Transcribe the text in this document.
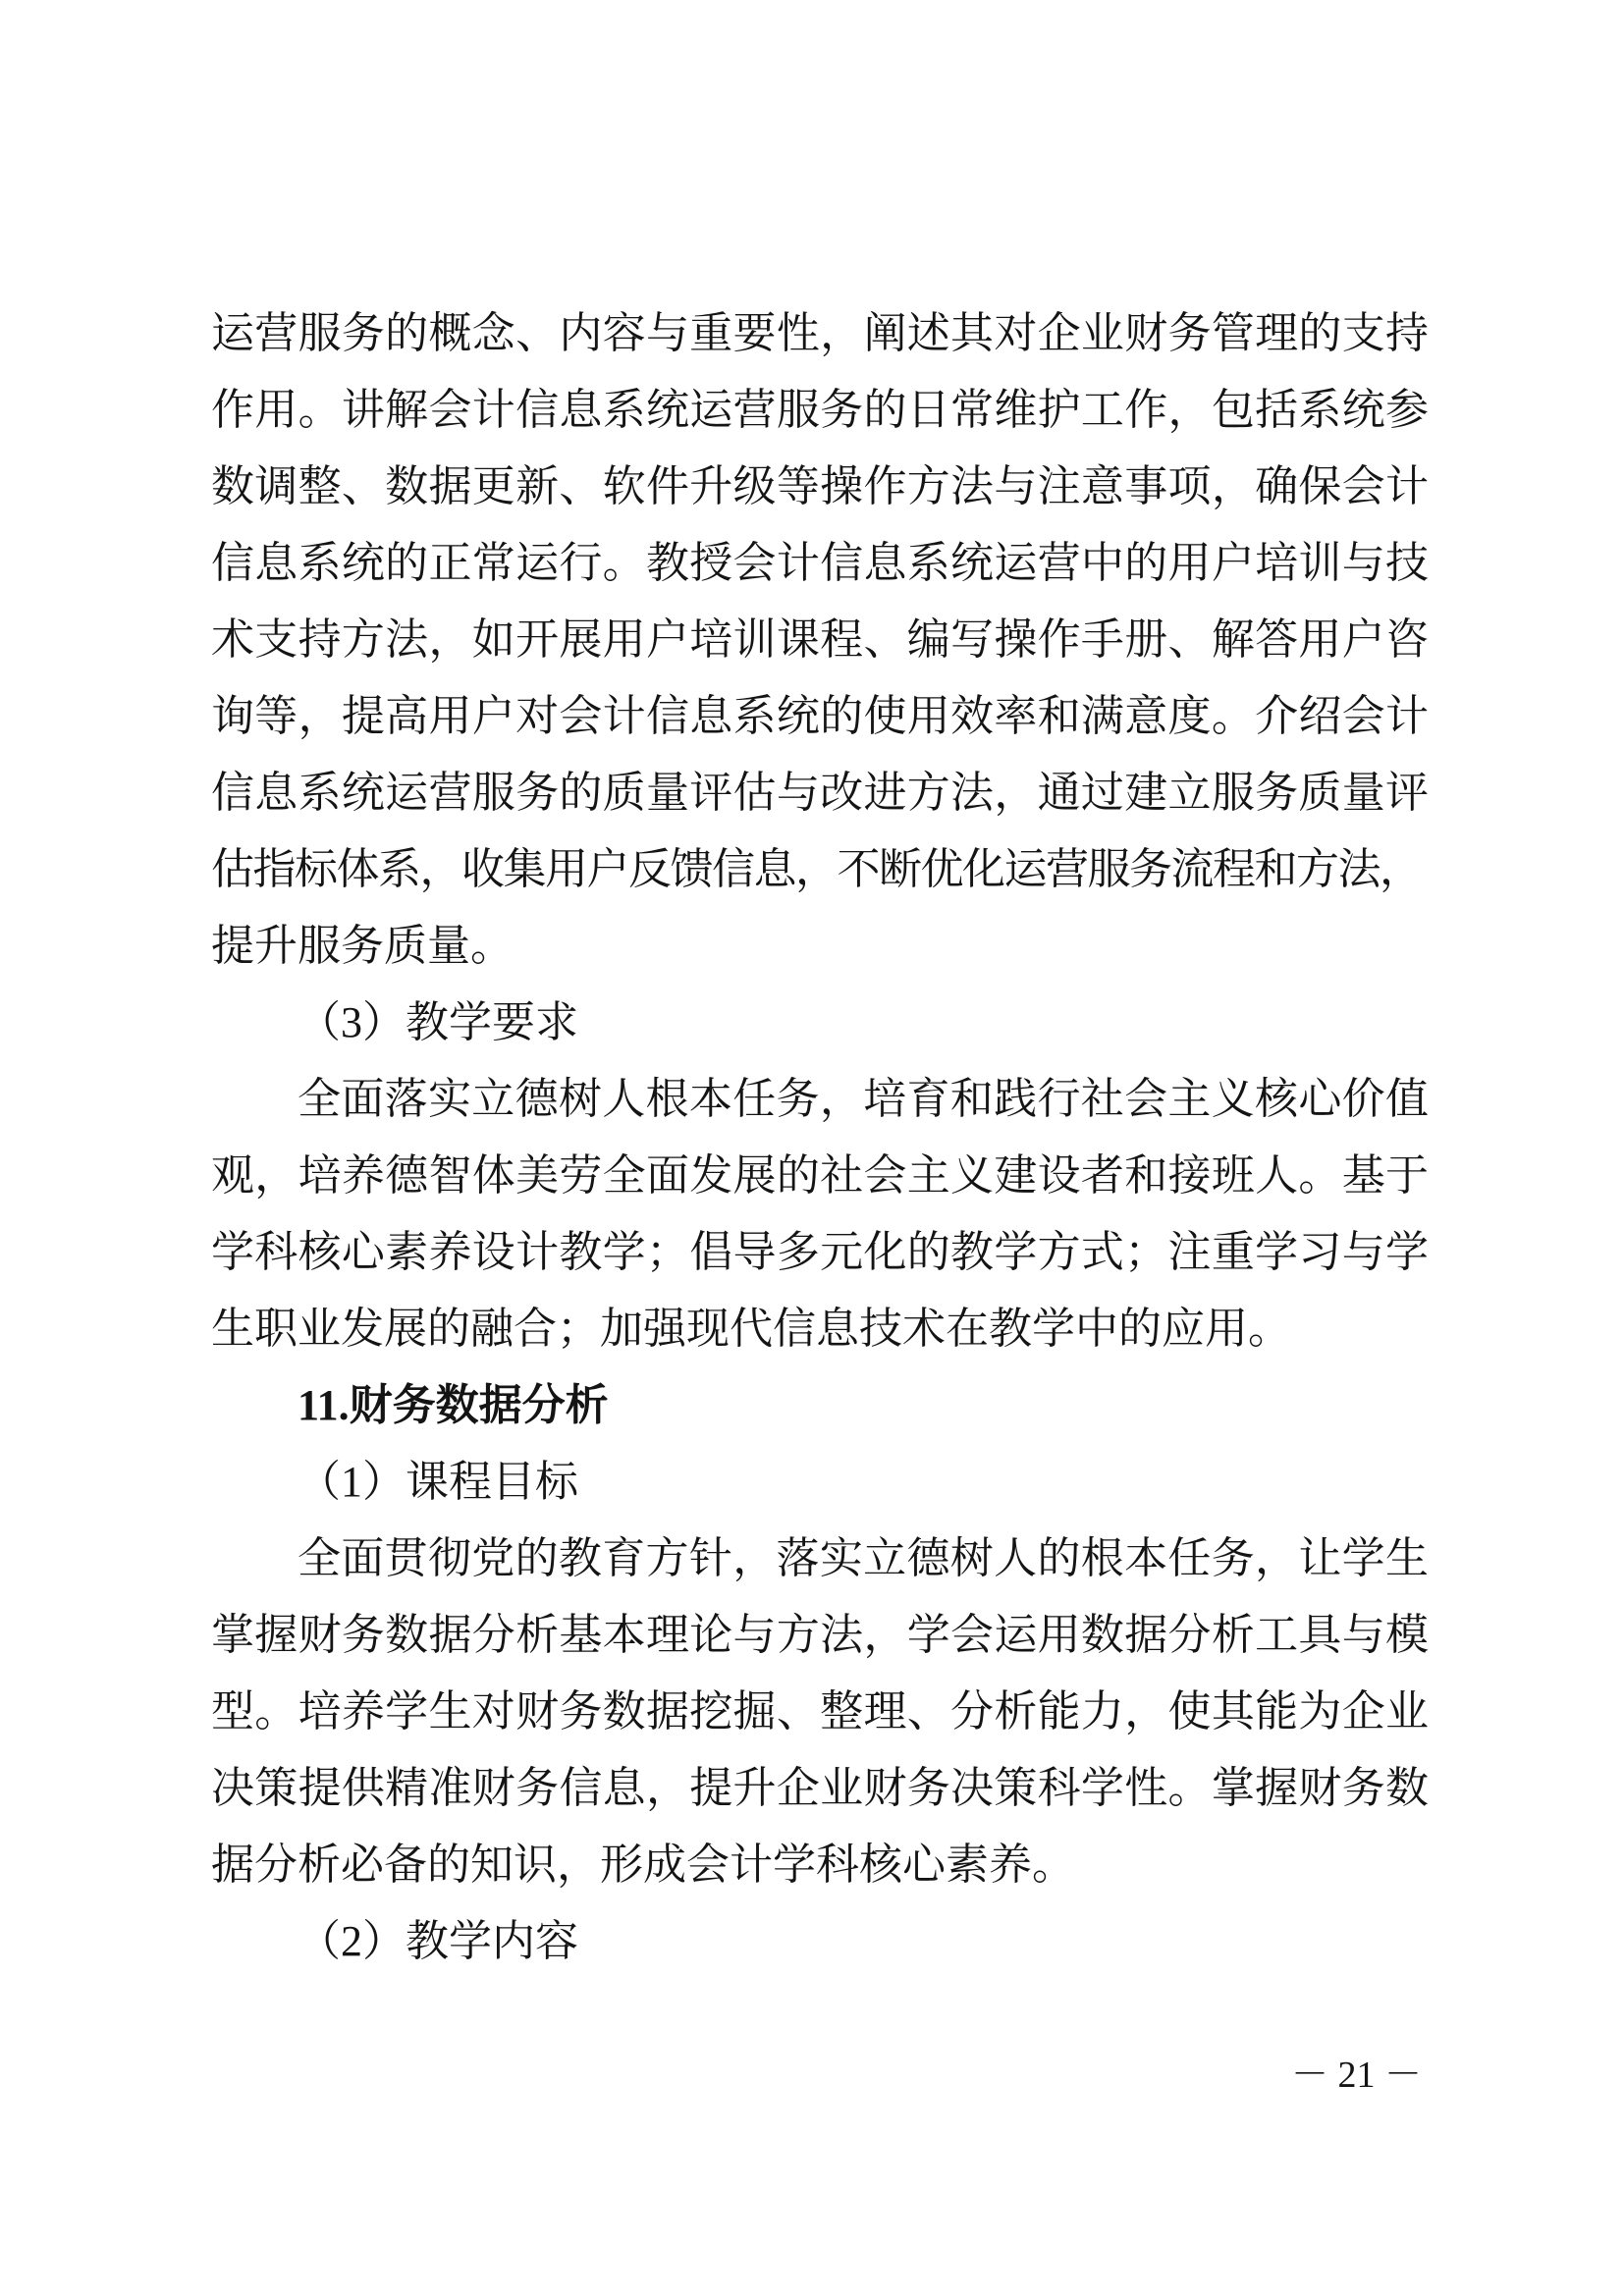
运营服务的概念、内容与重要性，阐述其对企业财务管理的支持
作用。讲解会计信息系统运营服务的日常维护工作，包括系统参
数调整、数据更新、软件升级等操作方法与注意事项，确保会计
信息系统的正常运行。教授会计信息系统运营中的用户培训与技
术支持方法，如开展用户培训课程、编写操作手册、解答用户咨
询等，提高用户对会计信息系统的使用效率和满意度。介绍会计
信息系统运营服务的质量评估与改进方法，通过建立服务质量评
估指标体系，收集用户反馈信息，不断优化运营服务流程和方法，
提升服务质量。
（3）教学要求
全面落实立德树人根本任务，培育和践行社会主义核心价值
观，培养德智体美劳全面发展的社会主义建设者和接班人。基于
学科核心素养设计教学；倡导多元化的教学方式；注重学习与学
生职业发展的融合；加强现代信息技术在教学中的应用。
11.财务数据分析
（1）课程目标
全面贯彻党的教育方针，落实立德树人的根本任务，让学生
掌握财务数据分析基本理论与方法，学会运用数据分析工具与模
型。培养学生对财务数据挖掘、整理、分析能力，使其能为企业
决策提供精准财务信息，提升企业财务决策科学性。掌握财务数
据分析必备的知识，形成会计学科核心素养。
（2）教学内容
－ 21 －
